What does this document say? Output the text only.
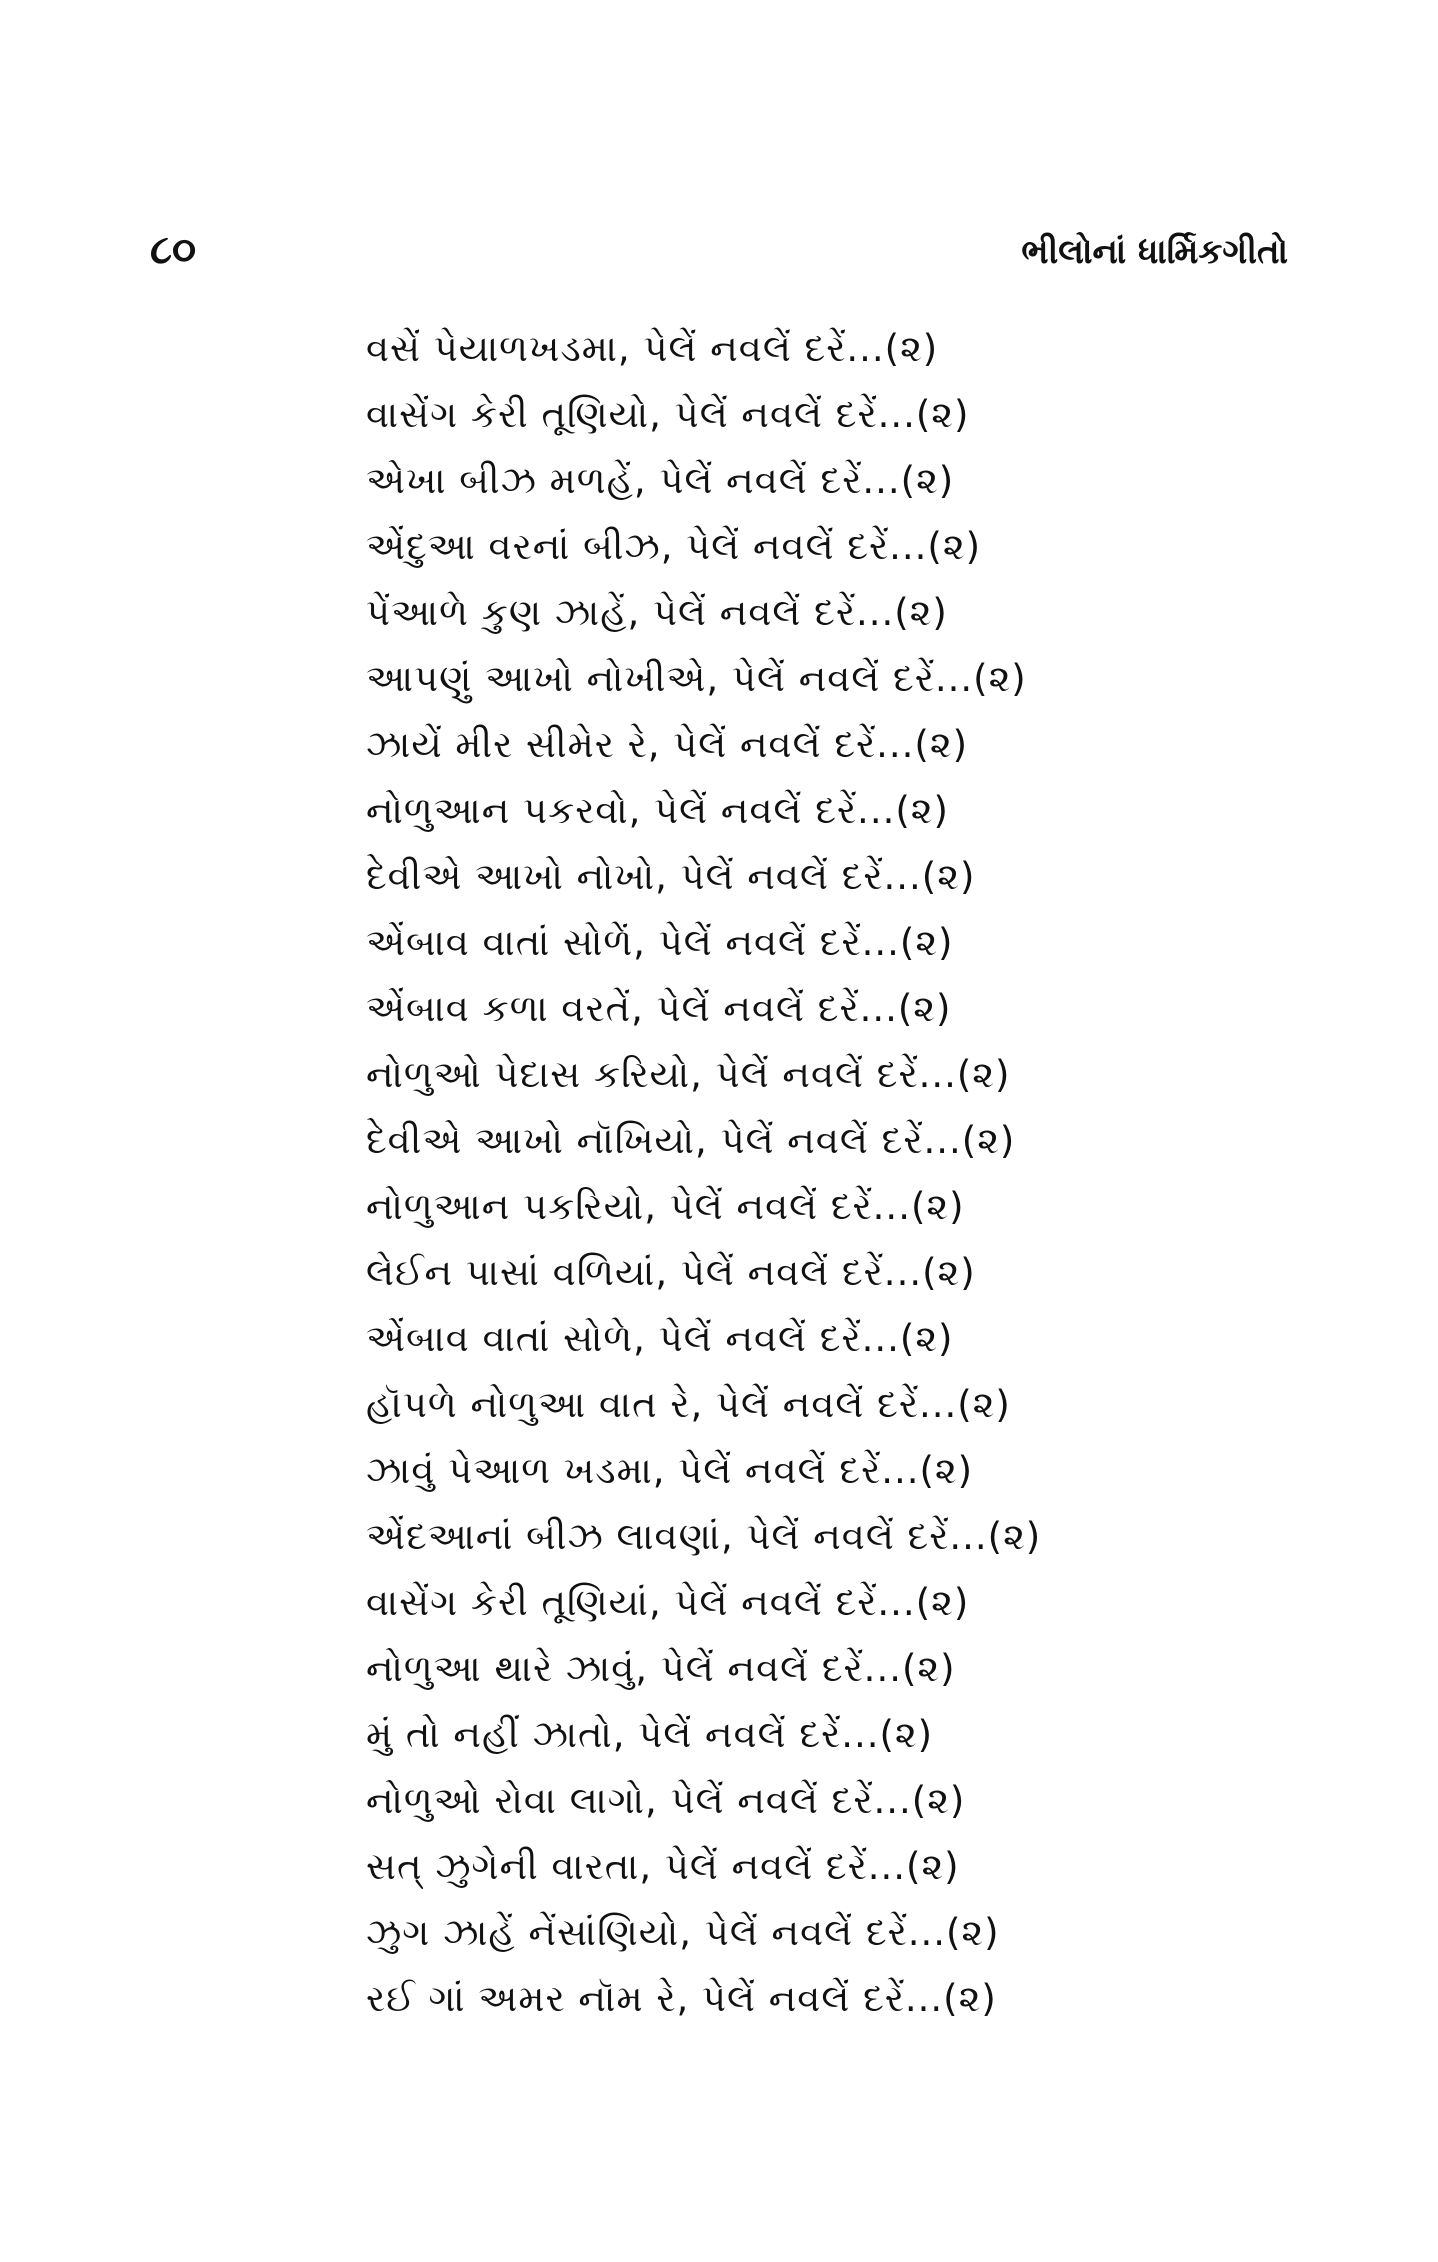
૮૦	ભીલોનાં ધાર્મિકગીતો
વસેં પેયાળખડમા, પેલેં નવલેં દરેં...(૨)
વાસેંગ કેરી તૂણિયો, પેલેં નવલેં દરેં...(૨)
એખા બીઝ મળહેં, પેલેં નવલેં દરેં...(૨)
એંદુઆ વરનાં બીઝ, પેલેં નવલેં દરેં...(૨)
પેંઆળે કુણ ઝાહેં, પેલેં નવલેં દરેં...(૨)
આપણું આખો નોખીએ, પેલેં નવલેં દરેં...(૨)
ઝાયેં મીર સીમેર રે, પેલેં નવલેં દરેં...(૨)
નોળુઆન પકરવો, પેલેં નવલેં દરેં...(૨)
દેવીએ આખો નોખો, પેલેં નવલેં દરેં...(૨)
એંબાવ વાતાં સોળેં, પેલેં નવલેં દરેં...(૨)
એંબાવ કળા વરતેં, પેલેં નવલેં દરેં...(૨)
નોળુઓ પેદાસ કરિયો, પેલેં નવલેં દરેં...(૨)
દેવીએ આખો નૉખિયો, પેલેં નવલેં દરેં...(૨)
નોળુઆન પકરિયો, પેલેં નવલેં દરેં...(૨)
લેઈન પાસાં વળિયાં, પેલેં નવલેં દરેં...(૨)
એંબાવ વાતાં સોળે, પેલેં નવલેં દરેં...(૨)
હૉપળે નોળુઆ વાત રે, પેલેં નવલેં દરેં...(૨)
ઝાવું પેઆળ ખડમા, પેલેં નવલેં દરેં...(૨)
એંદઆનાં બીઝ લાવણાં, પેલેં નવલેં દરેં...(૨)
વાસેંગ કેરી તૂણિયાં, પેલેં નવલેં દરેં...(૨)
નોળુઆ થારે ઝાવું, પેલેં નવલેં દરેં...(૨)
મું તો નહીં ઝાતો, પેલેં નવલેં દરેં...(૨)
નોળુઓ રોવા લાગો, પેલેં નવલેં દરેં...(૨)
સત્ ઝુગેની વારતા, પેલેં નવલેં દરેં...(૨)
ઝુગ ઝાહેં નેંસાંણિયો, પેલેં નવલેં દરેં...(૨)
રઈ ગાં અમર નૉમ રે, પેલેં નવલેં દરેં...(૨)
